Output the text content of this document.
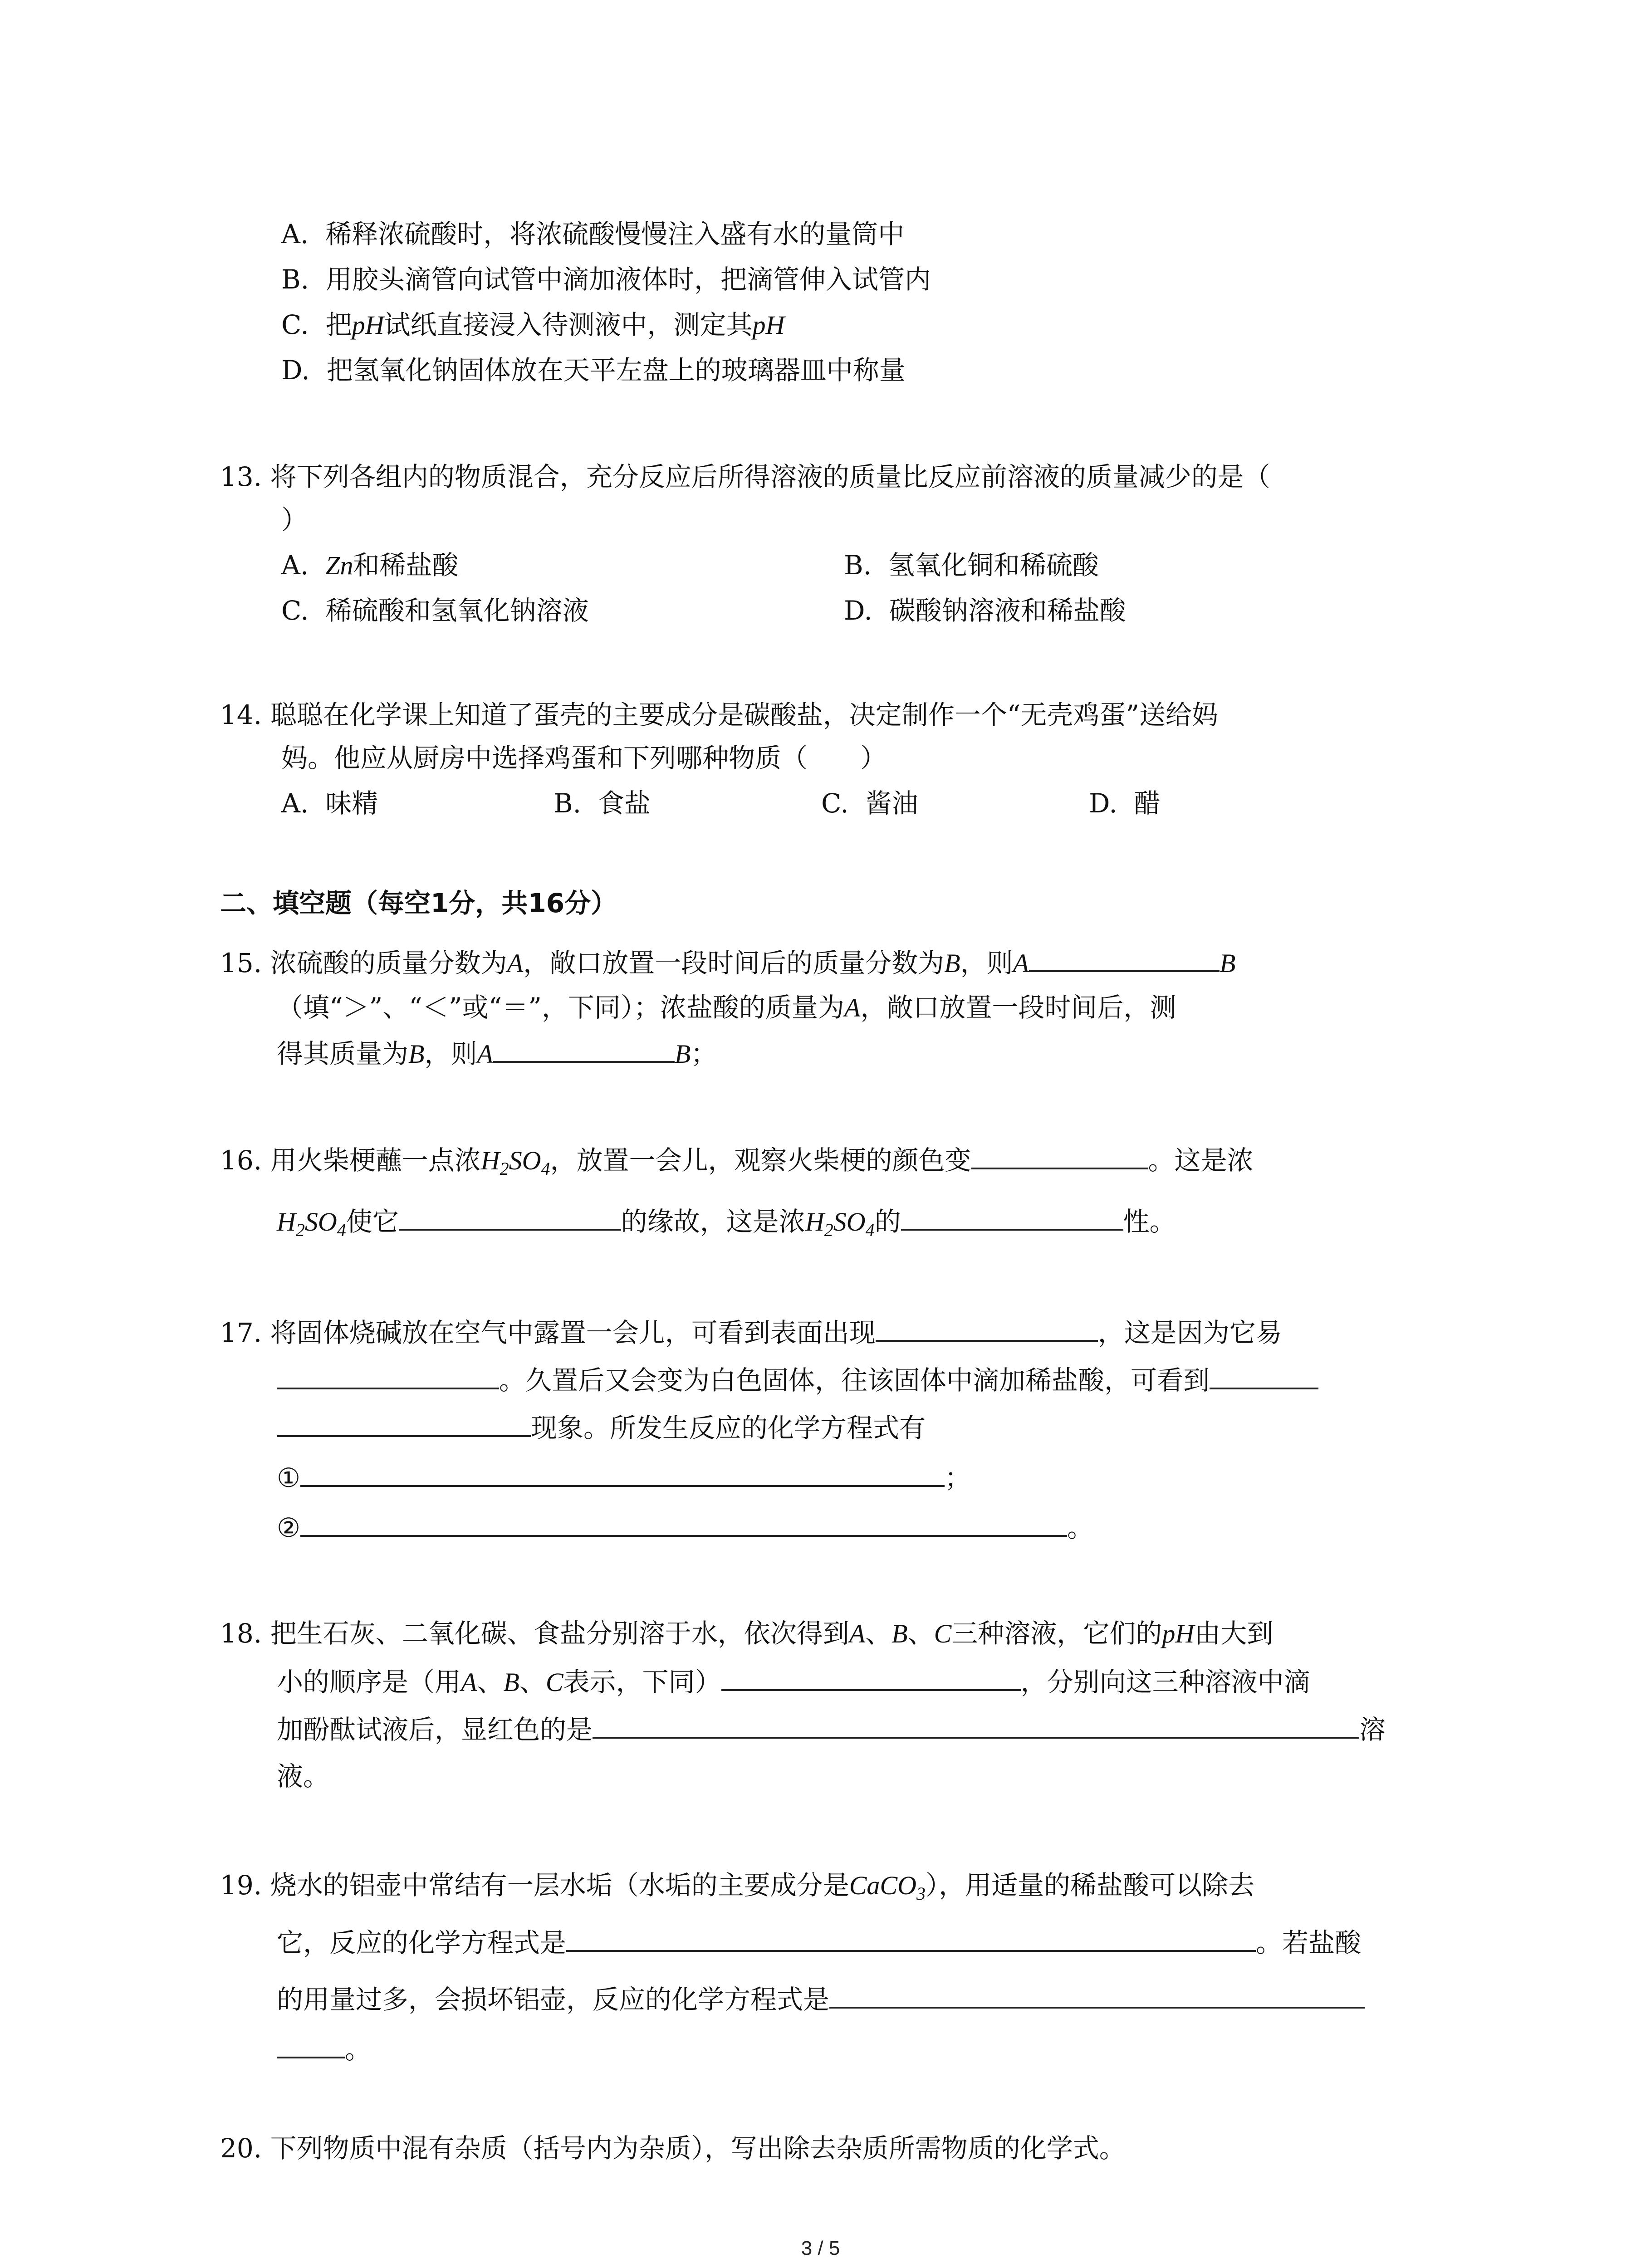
A. 稀释浓硫酸时，将浓硫酸慢慢注入盛有水的量筒中
B. 用胶头滴管向试管中滴加液体时，把滴管伸入试管内
C. 把pH试纸直接浸入待测液中，测定其pH
D. 把氢氧化钠固体放在天平左盘上的玻璃器皿中称量
13. 将下列各组内的物质混合，充分反应后所得溶液的质量比反应前溶液的质量减少的是（
）
A. Zn和稀盐酸	B. 氢氧化铜和稀硫酸
C. 稀硫酸和氢氧化钠溶液	D. 碳酸钠溶液和稀盐酸
14. 聪聪在化学课上知道了蛋壳的主要成分是碳酸盐，决定制作一个“无壳鸡蛋”送给妈
妈。他应从厨房中选择鸡蛋和下列哪种物质（　　）
A. 味精	B. 食盐	C. 酱油	D. 醋
二、填空题（每空1分，共16分）
15. 浓硫酸的质量分数为A，敞口放置一段时间后的质量分数为B，则A	B
（填“＞”、“＜”或“＝”，下同）；浓盐酸的质量为A，敞口放置一段时间后，测
得其质量为B，则A	B；
16. 用火柴梗蘸一点浓$H_2SO_4$，放置一会儿，观察火柴梗的颜色变	。这是浓
$H_2SO_4$使它	的缘故，这是浓$H_2SO_4$的	性。
17. 将固体烧碱放在空气中露置一会儿，可看到表面出现	，这是因为它易
。久置后又会变为白色固体，往该固体中滴加稀盐酸，可看到
现象。所发生反应的化学方程式有
①	；
②	。
18. 把生石灰、二氧化碳、食盐分别溶于水，依次得到A、B、C三种溶液，它们的pH由大到
小的顺序是（用A、B、C表示，下同）	，分别向这三种溶液中滴
加酚酞试液后，显红色的是	溶
液。
19. 烧水的铝壶中常结有一层水垢（水垢的主要成分是CaCO$_3$），用适量的稀盐酸可以除去
它，反应的化学方程式是	。若盐酸
的用量过多，会损坏铝壶，反应的化学方程式是
。
20. 下列物质中混有杂质（括号内为杂质），写出除去杂质所需物质的化学式。
3 / 5
